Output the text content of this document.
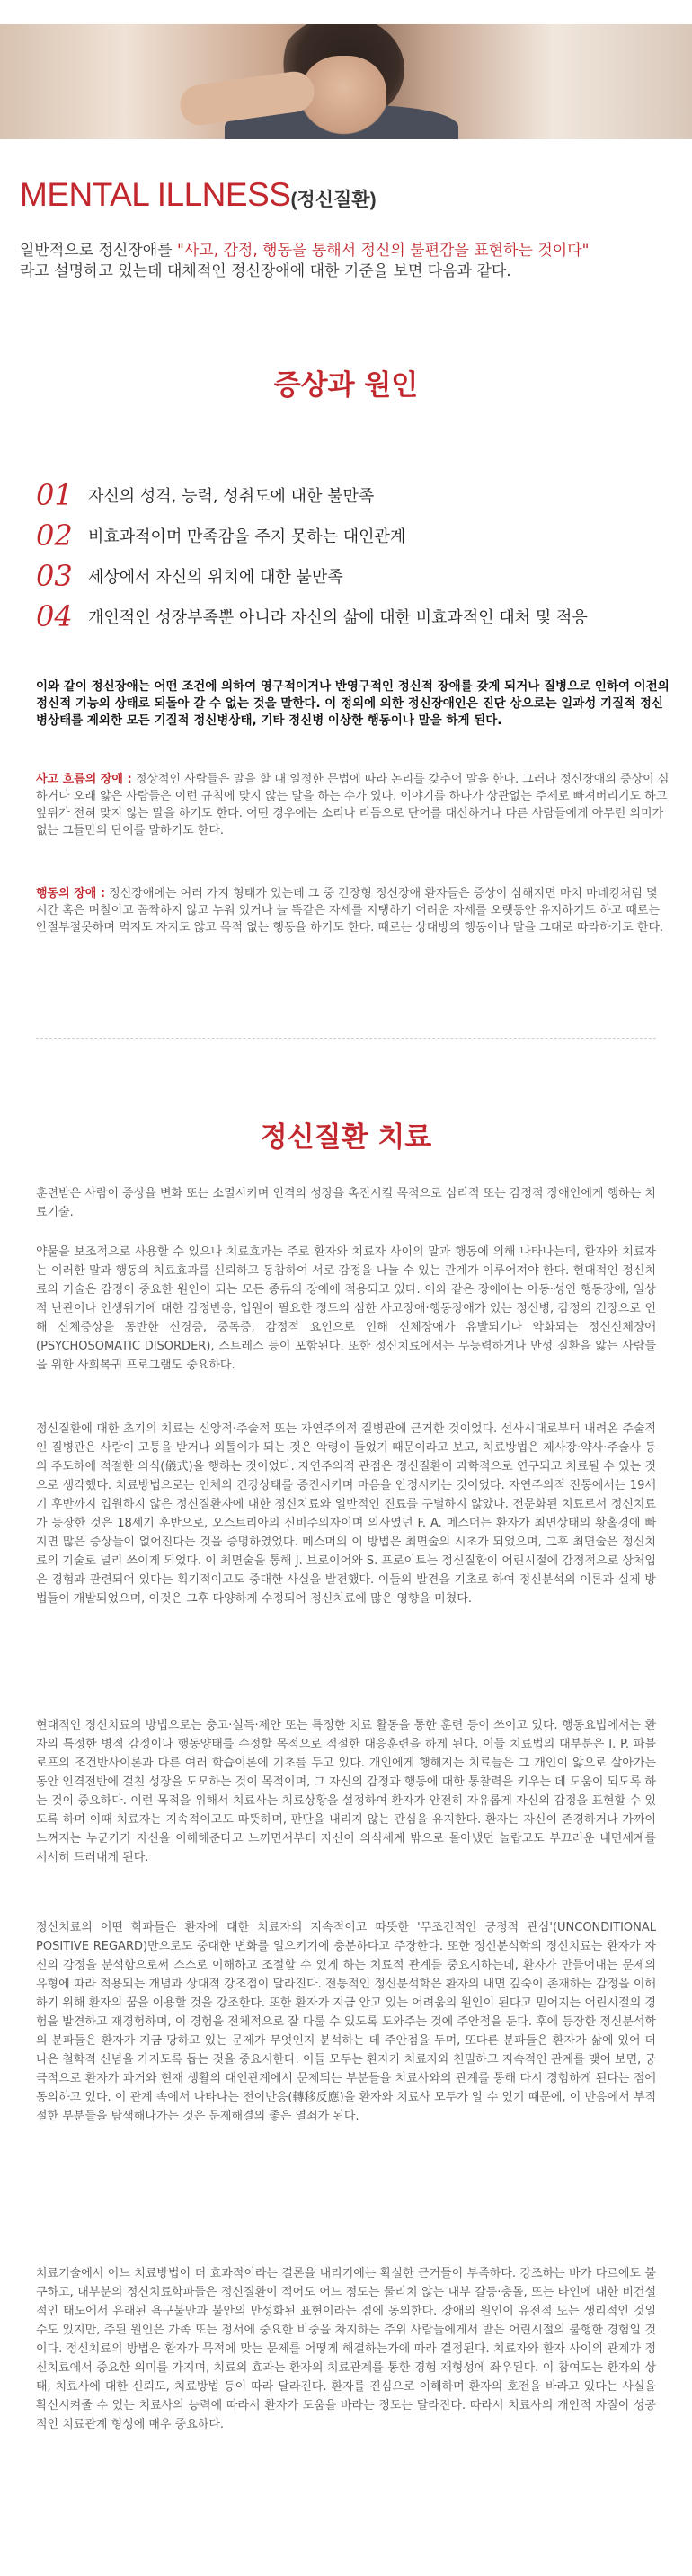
MENTAL ILLNESS(정신질환)
일반적으로 정신장애를 "사고, 감정, 행동을 통해서 정신의 불편감을 표현하는 것이다"
라고 설명하고 있는데 대체적인 정신장애에 대한 기준을 보면 다음과 같다.
증상과 원인
01 자신의 성격, 능력, 성취도에 대한 불만족
02 비효과적이며 만족감을 주지 못하는 대인관계
03 세상에서 자신의 위치에 대한 불만족
04 개인적인 성장부족뿐 아니라 자신의 삶에 대한 비효과적인 대처 및 적응
이와 같이 정신장애는 어떤 조건에 의하여 영구적이거나 반영구적인 정신적 장애를 갖게 되거나 질병으로 인하여 이전의 정신적 기능의 상태로 되돌아 갈 수 없는 것을 말한다. 이 정의에 의한 정신장애인은 진단 상으로는 일과성 기질적 정신병상태를 제외한 모든 기질적 정신병상태, 기타 정신병 이상한 행동이나 말을 하게 된다.
사고 흐름의 장애 : 정상적인 사람들은 말을 할 때 일정한 문법에 따라 논리를 갖추어 말을 한다. 그러나 정신장애의 증상이 심하거나 오래 앓은 사람들은 이런 규칙에 맞지 않는 말을 하는 수가 있다. 이야기를 하다가 상관없는 주제로 빠져버리기도 하고 앞뒤가 전혀 맞지 않는 말을 하기도 한다. 어떤 경우에는 소리나 리듬으로 단어를 대신하거나 다른 사람들에게 아무런 의미가 없는 그들만의 단어를 말하기도 한다.
행동의 장애 : 정신장애에는 여러 가지 형태가 있는데 그 중 긴장형 정신장애 환자들은 증상이 심해지면 마치 마네킹처럼 몇 시간 혹은 며칠이고 꼼짝하지 않고 누워 있거나 늘 똑같은 자세를 지탱하기 어려운 자세를 오랫동안 유지하기도 하고 때로는 안절부절못하며 먹지도 자지도 않고 목적 없는 행동을 하기도 한다. 때로는 상대방의 행동이나 말을 그대로 따라하기도 한다.
정신질환 치료
훈련받은 사람이 증상을 변화 또는 소멸시키며 인격의 성장을 촉진시킬 목적으로 심리적 또는 감정적 장애인에게 행하는 치료기술.
약물을 보조적으로 사용할 수 있으나 치료효과는 주로 환자와 치료자 사이의 말과 행동에 의해 나타나는데, 환자와 치료자는 이러한 말과 행동의 치료효과를 신뢰하고 동참하여 서로 감정을 나눌 수 있는 관계가 이루어져야 한다. 현대적인 정신치료의 기술은 감정이 중요한 원인이 되는 모든 종류의 장애에 적용되고 있다. 이와 같은 장애에는 아동·성인 행동장애, 일상적 난관이나 인생위기에 대한 감정반응, 입원이 필요한 정도의 심한 사고장애·행동장애가 있는 정신병, 감정의 긴장으로 인해 신체증상을 동반한 신경증, 중독증, 감정적 요인으로 인해 신체장애가 유발되기나 악화되는 정신신체장애(PSYCHOSOMATIC DISORDER), 스트레스 등이 포함된다. 또한 정신치료에서는 무능력하거나 만성 질환을 앓는 사람들을 위한 사회복귀 프로그램도 중요하다.
정신질환에 대한 초기의 치료는 신앙적·주술적 또는 자연주의적 질병관에 근거한 것이었다. 선사시대로부터 내려온 주술적인 질병관은 사람이 고통을 받거나 외톨이가 되는 것은 악령이 들었기 때문이라고 보고, 치료방법은 제사장·약사·주술사 등의 주도하에 적절한 의식(儀式)을 행하는 것이었다. 자연주의적 관점은 정신질환이 과학적으로 연구되고 치료될 수 있는 것으로 생각했다. 치료방법으로는 인체의 건강상태를 증진시키며 마음을 안정시키는 것이었다. 자연주의적 전통에서는 19세기 후반까지 입원하지 않은 정신질환자에 대한 정신치료와 일반적인 진료를 구별하지 않았다. 전문화된 치료로서 정신치료가 등장한 것은 18세기 후반으로, 오스트리아의 신비주의자이며 의사였던 F. A. 메스머는 환자가 최면상태의 황홀경에 빠지면 많은 증상들이 없어진다는 것을 증명하였었다. 메스머의 이 방법은 최면술의 시초가 되었으며, 그후 최면술은 정신치료의 기술로 널리 쓰이게 되었다. 이 최면술을 통해 J. 브로이어와 S. 프로이트는 정신질환이 어린시절에 감정적으로 상처입은 경험과 관련되어 있다는 획기적이고도 중대한 사실을 발견했다. 이들의 발견을 기초로 하여 정신분석의 이론과 실제 방법들이 개발되었으며, 이것은 그후 다양하게 수정되어 정신치료에 많은 영향을 미쳤다.
현대적인 정신치료의 방법으로는 충고·설득·제안 또는 특정한 치료 활동을 통한 훈련 등이 쓰이고 있다. 행동요법에서는 환자의 특정한 병적 감정이나 행동양태를 수정할 목적으로 적절한 대응훈련을 하게 된다. 이들 치료법의 대부분은 I. P. 파블로프의 조건반사이론과 다른 여러 학습이론에 기초를 두고 있다. 개인에게 행해지는 치료들은 그 개인이 앓으로 살아가는 동안 인격전반에 걸친 성장을 도모하는 것이 목적이며, 그 자신의 감정과 행동에 대한 통찰력을 키우는 데 도움이 되도록 하는 것이 중요하다. 이런 목적을 위해서 치료사는 치료상황을 설정하여 환자가 안전히 자유롭게 자신의 감정을 표현할 수 있도록 하며 이때 치료자는 지속적이고도 따뜻하며, 판단을 내리지 않는 관심을 유지한다. 환자는 자신이 존경하거나 가까이 느껴지는 누군가가 자신을 이해해준다고 느끼면서부터 자신이 의식세계 밖으로 몰아냈던 놀랍고도 부끄러운 내면세계를 서서히 드러내게 된다.
정신치료의 어떤 학파들은 환자에 대한 치료자의 지속적이고 따뜻한 '무조건적인 긍정적 관심'(UNCONDITIONAL POSITIVE REGARD)만으로도 중대한 변화를 일으키기에 충분하다고 주장한다. 또한 정신분석학의 정신치료는 환자가 자신의 감정을 분석함으로써 스스로 이해하고 조절할 수 있게 하는 치료적 관계를 중요시하는데, 환자가 만들어내는 문제의 유형에 따라 적용되는 개념과 상대적 강조점이 달라진다. 전통적인 정신분석학은 환자의 내면 깊숙이 존재하는 감정을 이해하기 위해 환자의 꿈을 이용할 것을 강조한다. 또한 환자가 지금 안고 있는 어려움의 원인이 된다고 믿어지는 어린시절의 경험을 발견하고 재경험하며, 이 경험을 전체적으로 잘 다룰 수 있도록 도와주는 것에 주안점을 둔다. 후에 등장한 정신분석학의 분파들은 환자가 지금 당하고 있는 문제가 무엇인지 분석하는 데 주안점을 두며, 또다른 분파들은 환자가 삶에 있어 더 나은 철학적 신념을 가지도록 돕는 것을 중요시한다. 이들 모두는 환자가 치료자와 친밀하고 지속적인 관계를 맺어 보면, 궁극적으로 환자가 과거와 현재 생활의 대인관계에서 문제되는 부분들을 치료사와의 관계를 통해 다시 경험하게 된다는 점에 동의하고 있다. 이 관계 속에서 나타나는 전이반응(轉移反應)을 환자와 치료사 모두가 알 수 있기 때문에, 이 반응에서 부적절한 부분들을 탐색해나가는 것은 문제해결의 좋은 열쇠가 된다.
치료기술에서 어느 치료방법이 더 효과적이라는 결론을 내리기에는 확실한 근거들이 부족하다. 강조하는 바가 다르에도 불구하고, 대부분의 정신치료학파들은 정신질환이 적어도 어느 정도는 물리치 않는 내부 갈등·충돌, 또는 타인에 대한 비건설적인 태도에서 유래된 욕구불만과 불안의 만성화된 표현이라는 점에 동의한다. 장애의 원인이 유전적 또는 생리적인 것일 수도 있지만, 주된 원인은 가족 또는 정서에 중요한 비중을 차지하는 주위 사람들에게서 받은 어린시절의 불행한 경험일 것이다. 정신치료의 방법은 환자가 목적에 맞는 문제를 어떻게 해결하는가에 따라 결정된다. 치료자와 환자 사이의 관계가 정신치료에서 중요한 의미를 가지며, 치료의 효과는 환자의 치료관계를 통한 경험 재형성에 좌우된다. 이 참여도는 환자의 상태, 치료사에 대한 신뢰도, 치료방법 등이 따라 달라진다. 환자를 진심으로 이해하며 환자의 호전을 바라고 있다는 사실을 확신시켜줄 수 있는 치료사의 능력에 따라서 환자가 도움을 바라는 정도는 달라진다. 따라서 치료사의 개인적 자질이 성공적인 치료관계 형성에 매우 중요하다.
